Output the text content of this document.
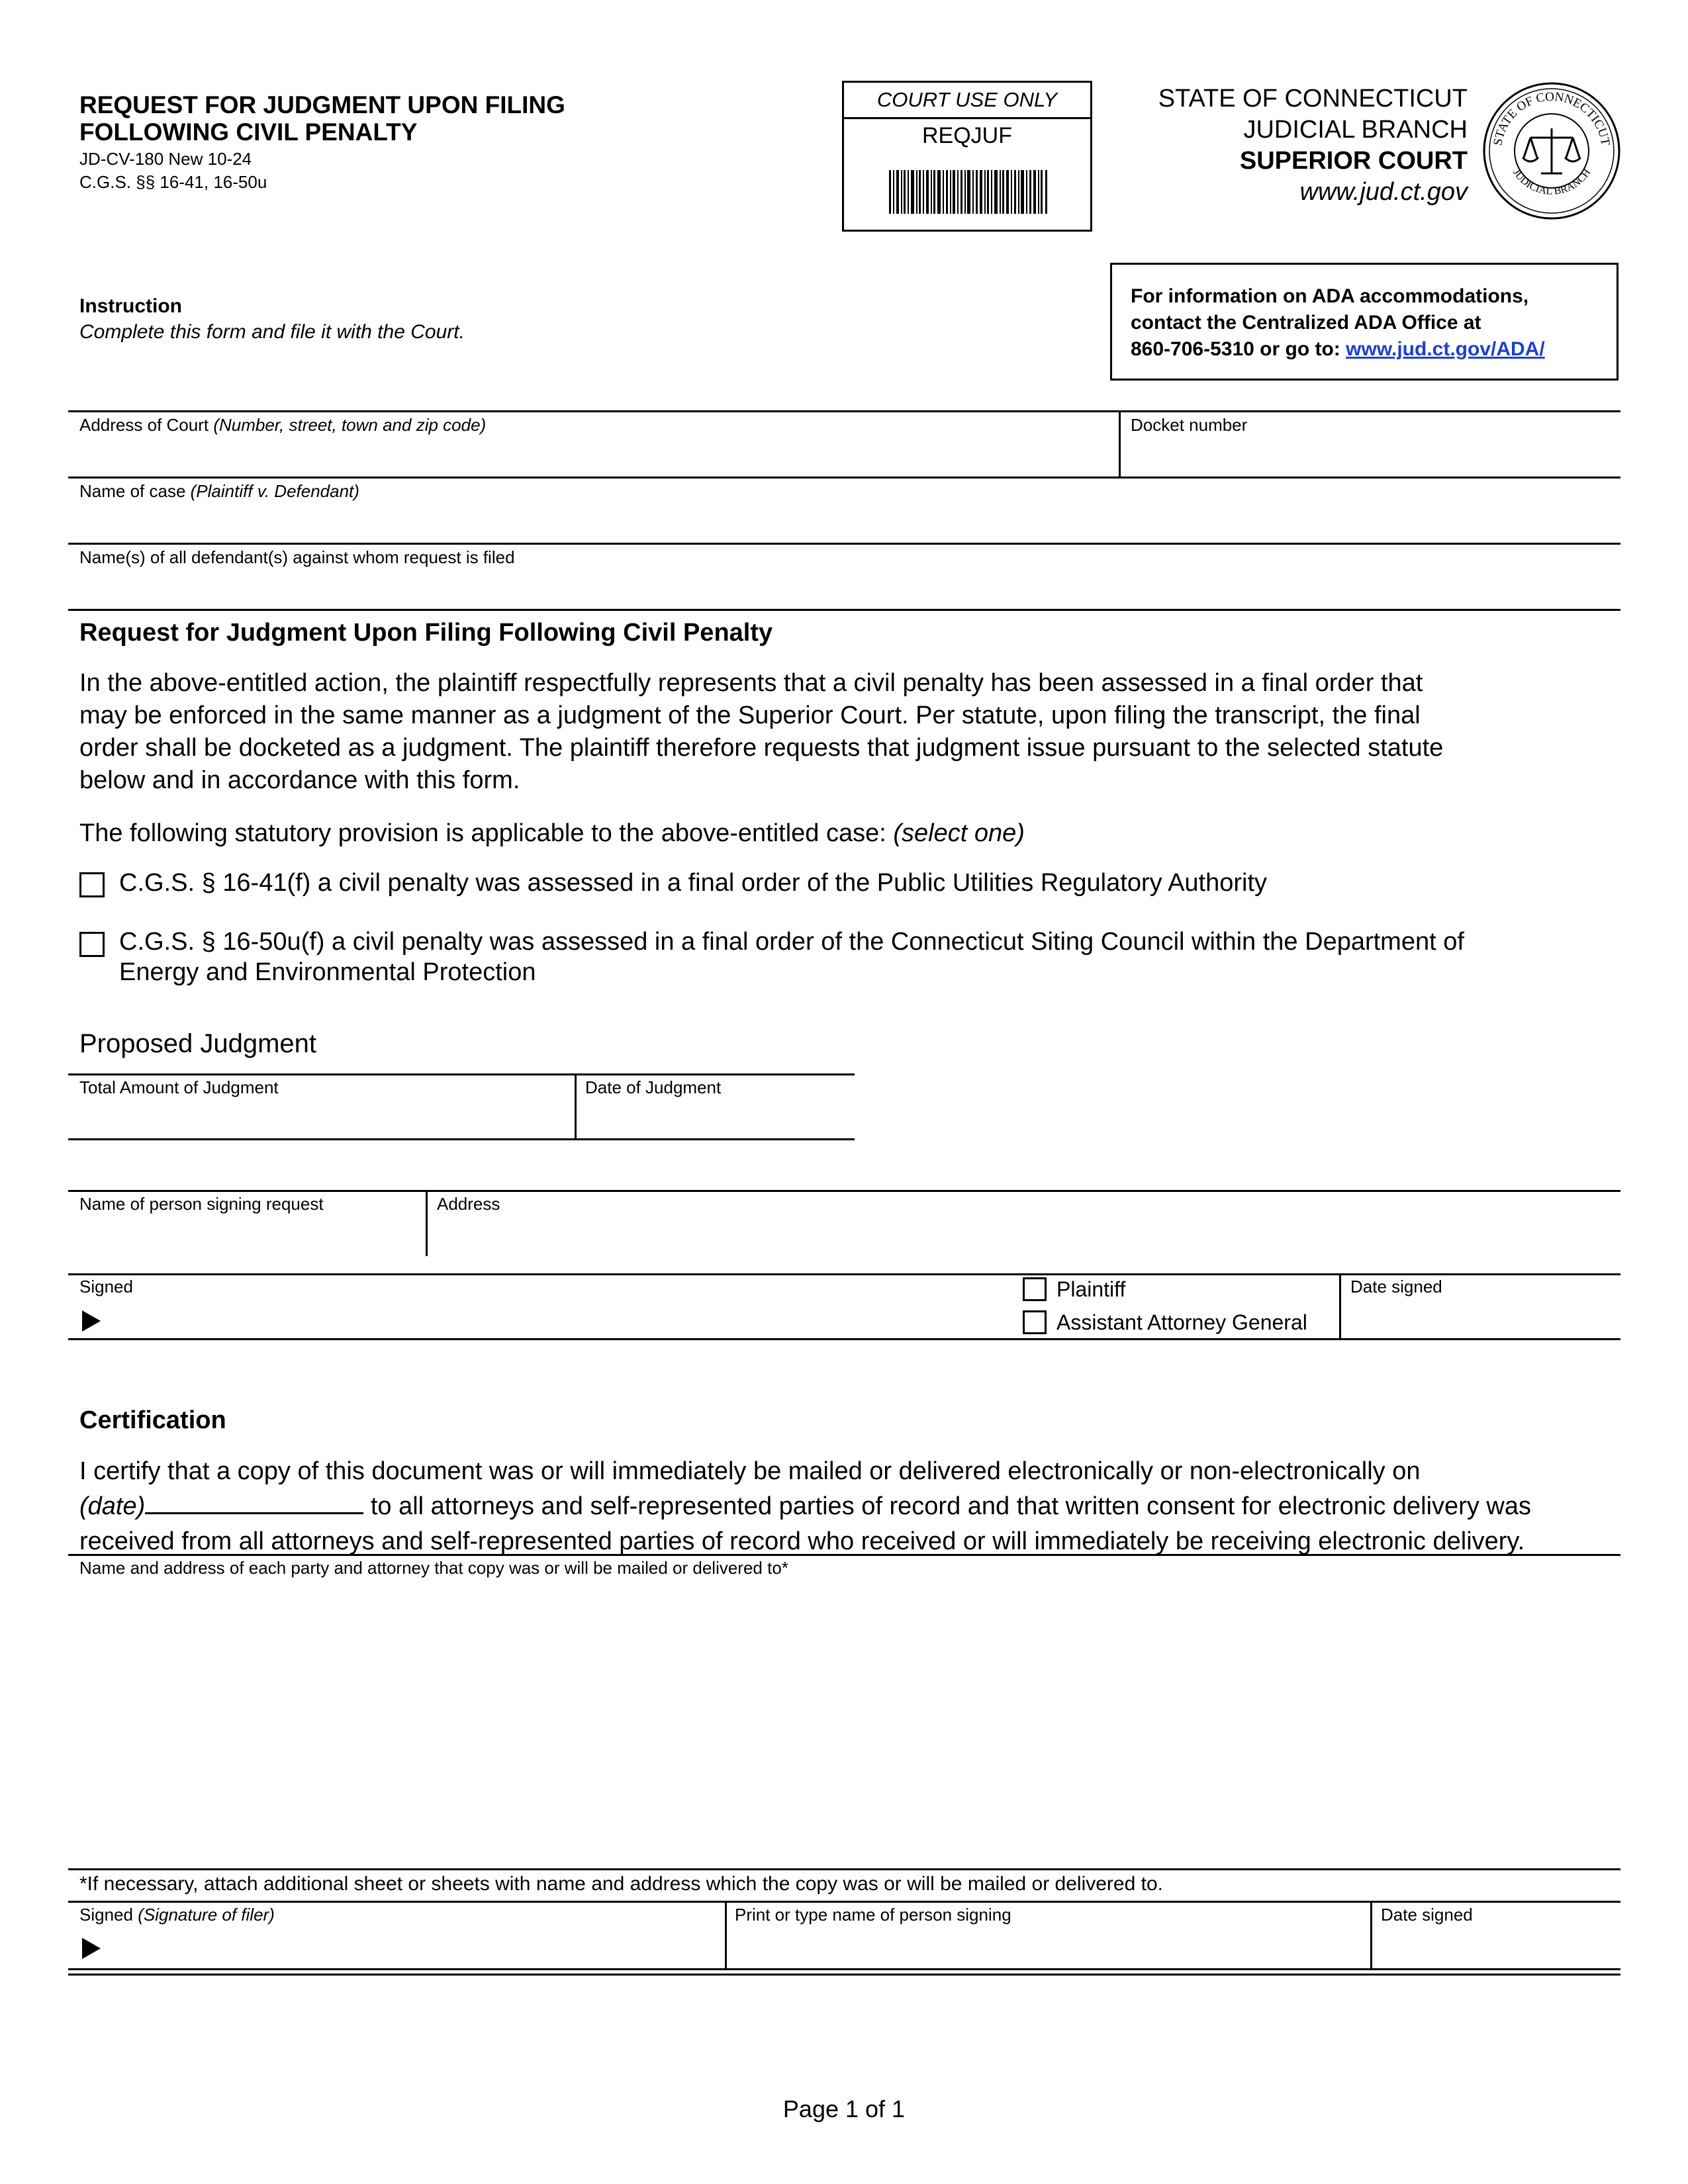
REQUEST FOR JUDGMENT UPON FILING
FOLLOWING CIVIL PENALTY
JD-CV-180 New 10-24
C.G.S. §§ 16-41, 16-50u
COURT USE ONLY
REQJUF
STATE OF CONNECTICUT
JUDICIAL BRANCH
SUPERIOR COURT
www.jud.ct.gov
STATE OF CONNECTICUT
JUDICIAL BRANCH
Instruction
Complete this form and file it with the Court.
For information on ADA accommodations,
contact the Centralized ADA Office at
860-706-5310 or go to: www.jud.ct.gov/ADA/
Address of Court (Number, street, town and zip code)	Docket number
Name of case (Plaintiff v. Defendant)
Name(s) of all defendant(s) against whom request is filed
Request for Judgment Upon Filing Following Civil Penalty
In the above-entitled action, the plaintiff respectfully represents that a civil penalty has been assessed in a final order that
may be enforced in the same manner as a judgment of the Superior Court. Per statute, upon filing the transcript, the final
order shall be docketed as a judgment. The plaintiff therefore requests that judgment issue pursuant to the selected statute
below and in accordance with this form.
The following statutory provision is applicable to the above-entitled case: (select one)
C.G.S. § 16-41(f) a civil penalty was assessed in a final order of the Public Utilities Regulatory Authority
C.G.S. § 16-50u(f) a civil penalty was assessed in a final order of the Connecticut Siting Council within the Department of
Energy and Environmental Protection
Proposed Judgment
Total Amount of Judgment	Date of Judgment
Name of person signing request	Address
Signed	Plaintiff
Assistant Attorney General
Date signed
Certification
I certify that a copy of this document was or will immediately be mailed or delivered electronically or non-electronically on
(date)	to all attorneys and self-represented parties of record and that written consent for electronic delivery was
received from all attorneys and self-represented parties of record who received or will immediately be receiving electronic delivery.
Name and address of each party and attorney that copy was or will be mailed or delivered to*
*If necessary, attach additional sheet or sheets with name and address which the copy was or will be mailed or delivered to.
Signed (Signature of filer)	Print or type name of person signing	Date signed
Page 1 of 1
